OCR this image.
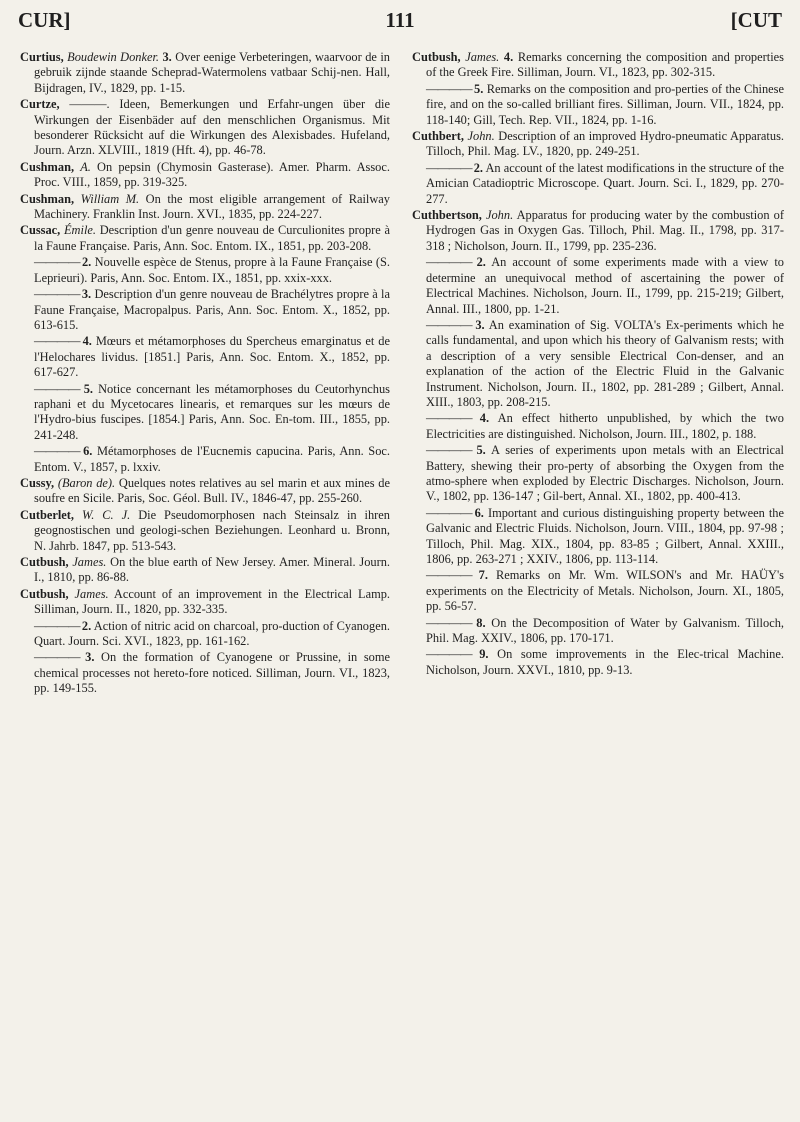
CUR]	111	[CUT

Curtius, Boudewin Donker. 3. Over eenige Verbeteringen, waarvoor de in gebruik zijnde staande Scheprad-Watermolens vatbaar Schij-nen. Hall, Bijdragen, IV., 1829, pp. 1-15.

Curtze, ———. Ideen, Bemerkungen und Erfahr-ungen über die Wirkungen der Eisenbäder auf den menschlichen Organismus. Mit besonderer Rücksicht auf die Wirkungen des Alexisbades. Hufeland, Journ. Arzn. XLVIII., 1819 (Hft. 4), pp. 46-78.

Cushman, A. On pepsin (Chymosin Gasterase). Amer. Pharm. Assoc. Proc. VIII., 1859, pp. 319-325.

Cushman, William M. On the most eligible arrangement of Railway Machinery. Franklin Inst. Journ. XVI., 1835, pp. 224-227.

Cussac, Émile. Description d'un genre nouveau de Curculionites propre à la Faune Française. Paris, Ann. Soc. Entom. IX., 1851, pp. 203-208.

———— 2. Nouvelle espèce de Stenus, propre à la Faune Française (S. Leprieuri). Paris, Ann. Soc. Entom. IX., 1851, pp. xxix-xxx.

———— 3. Description d'un genre nouveau de Brachélytres propre à la Faune Française, Macropalpus. Paris, Ann. Soc. Entom. X., 1852, pp. 613-615.

———— 4. Mœurs et métamorphoses du Spercheus emarginatus et de l'Helochares lividus. [1851.] Paris, Ann. Soc. Entom. X., 1852, pp. 617-627.

———— 5. Notice concernant les métamorphoses du Ceutorhynchus raphani et du Mycetocares linearis, et remarques sur les mœurs de l'Hydro-bius fuscipes. [1854.] Paris, Ann. Soc. En-tom. III., 1855, pp. 241-248.

———— 6. Métamorphoses de l'Eucnemis capucina. Paris, Ann. Soc. Entom. V., 1857, p. lxxiv.

Cussy, (Baron de). Quelques notes relatives au sel marin et aux mines de soufre en Sicile. Paris, Soc. Géol. Bull. IV., 1846-47, pp. 255-260.

Cutberlet, W. C. J. Die Pseudomorphosen nach Steinsalz in ihren geognostischen und geologi-schen Beziehungen. Leonhard u. Bronn, N. Jahrb. 1847, pp. 513-543.

Cutbush, James. On the blue earth of New Jersey. Amer. Mineral. Journ. I., 1810, pp. 86-88.

Cutbush, James. Account of an improvement in the Electrical Lamp. Silliman, Journ. II., 1820, pp. 332-335.

———— 2. Action of nitric acid on charcoal, pro-duction of Cyanogen. Quart. Journ. Sci. XVI., 1823, pp. 161-162.

———— 3. On the formation of Cyanogene or Prussine, in some chemical processes not hereto-fore noticed. Silliman, Journ. VI., 1823, pp. 149-155.

Cutbush, James. 4. Remarks concerning the composition and properties of the Greek Fire. Silliman, Journ. VI., 1823, pp. 302-315.

———— 5. Remarks on the composition and pro-perties of the Chinese fire, and on the so-called brilliant fires. Silliman, Journ. VII., 1824, pp. 118-140; Gill, Tech. Rep. VII., 1824, pp. 1-16.

Cuthbert, John. Description of an improved Hydro-pneumatic Apparatus. Tilloch, Phil. Mag. LV., 1820, pp. 249-251.

———— 2. An account of the latest modifications in the structure of the Amician Catadioptric Microscope. Quart. Journ. Sci. I., 1829, pp. 270-277.

Cuthbertson, John. Apparatus for producing water by the combustion of Hydrogen Gas in Oxygen Gas. Tilloch, Phil. Mag. II., 1798, pp. 317-318 ; Nicholson, Journ. II., 1799, pp. 235-236.

———— 2. An account of some experiments made with a view to determine an unequivocal method of ascertaining the power of Electrical Machines. Nicholson, Journ. II., 1799, pp. 215-219; Gilbert, Annal. III., 1800, pp. 1-21.

———— 3. An examination of Sig. VOLTA's Ex-periments which he calls fundamental, and upon which his theory of Galvanism rests; with a description of a very sensible Electrical Con-denser, and an explanation of the action of the Electric Fluid in the Galvanic Instrument. Nicholson, Journ. II., 1802, pp. 281-289 ; Gilbert, Annal. XIII., 1803, pp. 208-215.

———— 4. An effect hitherto unpublished, by which the two Electricities are distinguished. Nicholson, Journ. III., 1802, p. 188.

———— 5. A series of experiments upon metals with an Electrical Battery, shewing their pro-perty of absorbing the Oxygen from the atmo-sphere when exploded by Electric Discharges. Nicholson, Journ. V., 1802, pp. 136-147 ; Gil-bert, Annal. XI., 1802, pp. 400-413.

———— 6. Important and curious distinguishing property between the Galvanic and Electric Fluids. Nicholson, Journ. VIII., 1804, pp. 97-98 ; Tilloch, Phil. Mag. XIX., 1804, pp. 83-85 ; Gilbert, Annal. XXIII., 1806, pp. 263-271 ; XXIV., 1806, pp. 113-114.

———— 7. Remarks on Mr. Wm. WILSON's and Mr. HAÜY's experiments on the Electricity of Metals. Nicholson, Journ. XI., 1805, pp. 56-57.

———— 8. On the Decomposition of Water by Galvanism. Tilloch, Phil. Mag. XXIV., 1806, pp. 170-171.

———— 9. On some improvements in the Elec-trical Machine. Nicholson, Journ. XXVI., 1810, pp. 9-13.
